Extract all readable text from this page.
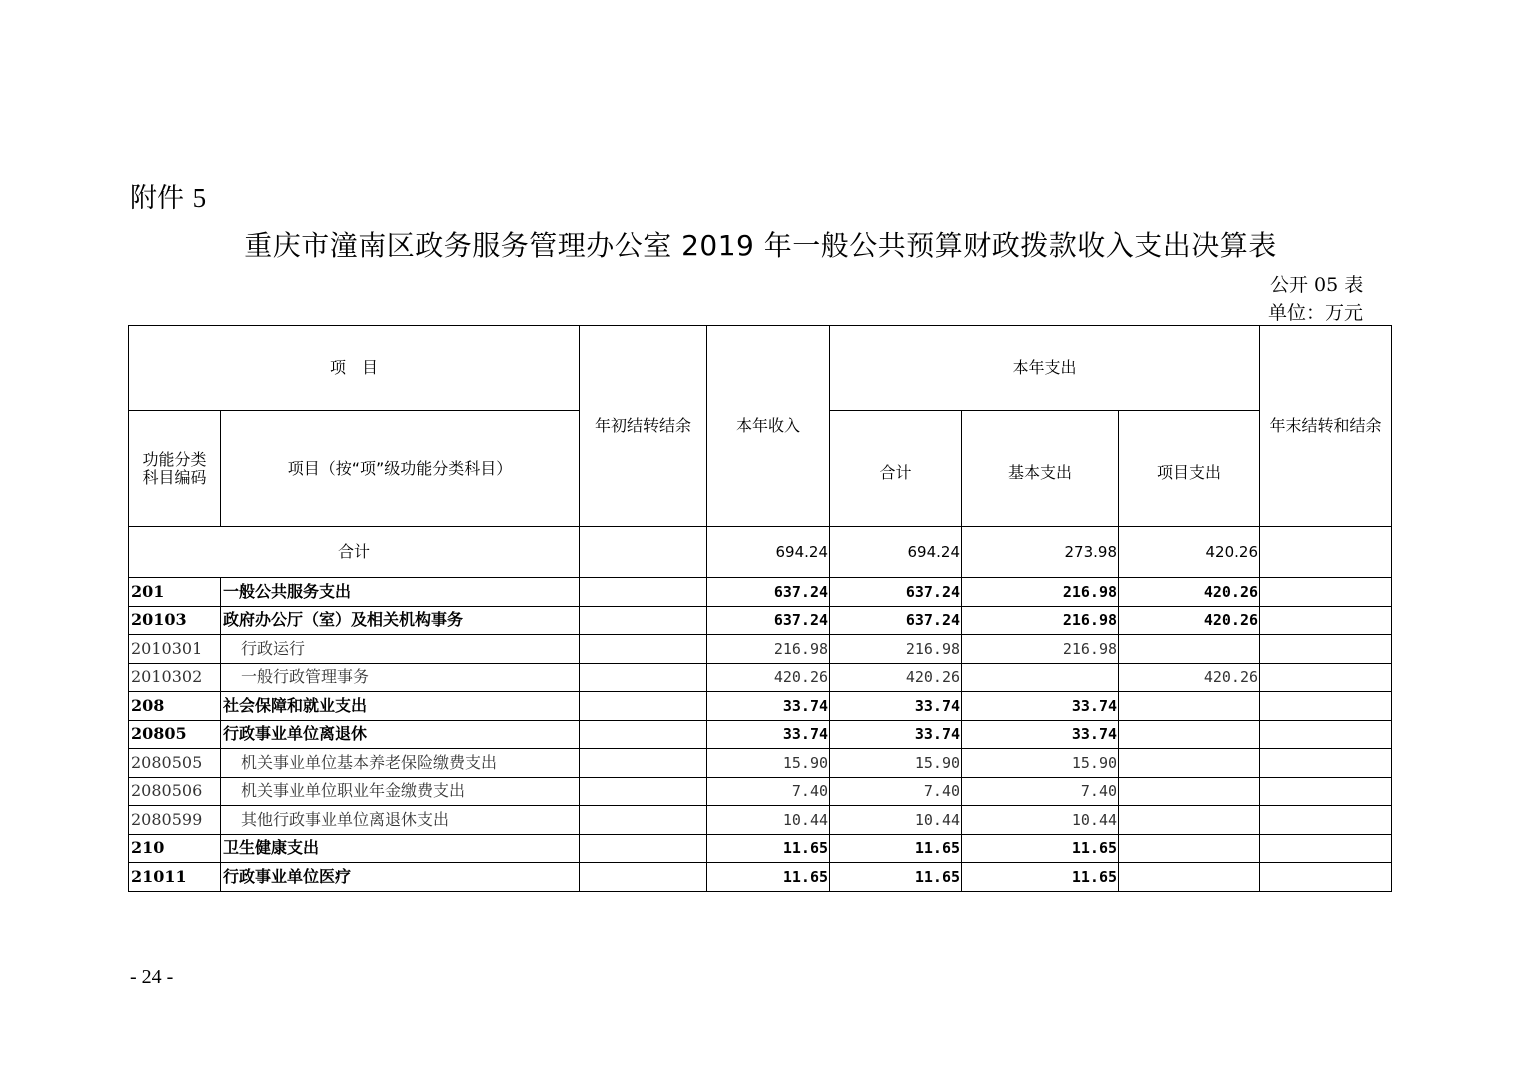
附件 5
重庆市潼南区政务服务管理办公室 2019 年一般公共预算财政拨款收入支出决算表
公开 05 表
单位：万元
项　目		年初结转结余	本年收入	本年支出			年末结转和结余
功能分类科目编码	项目（按“项”级功能分类科目）			合计	基本支出	项目支出	
合计			694.24	694.24	273.98	420.26	
201	一般公共服务支出		637.24	637.24	216.98	420.26	
20103	政府办公厅（室）及相关机构事务		637.24	637.24	216.98	420.26	
2010301	行政运行		216.98	216.98	216.98		
2010302	一般行政管理事务		420.26	420.26		420.26	
208	社会保障和就业支出		33.74	33.74	33.74		
20805	行政事业单位离退休		33.74	33.74	33.74		
2080505	机关事业单位基本养老保险缴费支出		15.90	15.90	15.90		
2080506	机关事业单位职业年金缴费支出		7.40	7.40	7.40		
2080599	其他行政事业单位离退休支出		10.44	10.44	10.44		
210	卫生健康支出		11.65	11.65	11.65		
21011	行政事业单位医疗		11.65	11.65	11.65		
- 24 -
